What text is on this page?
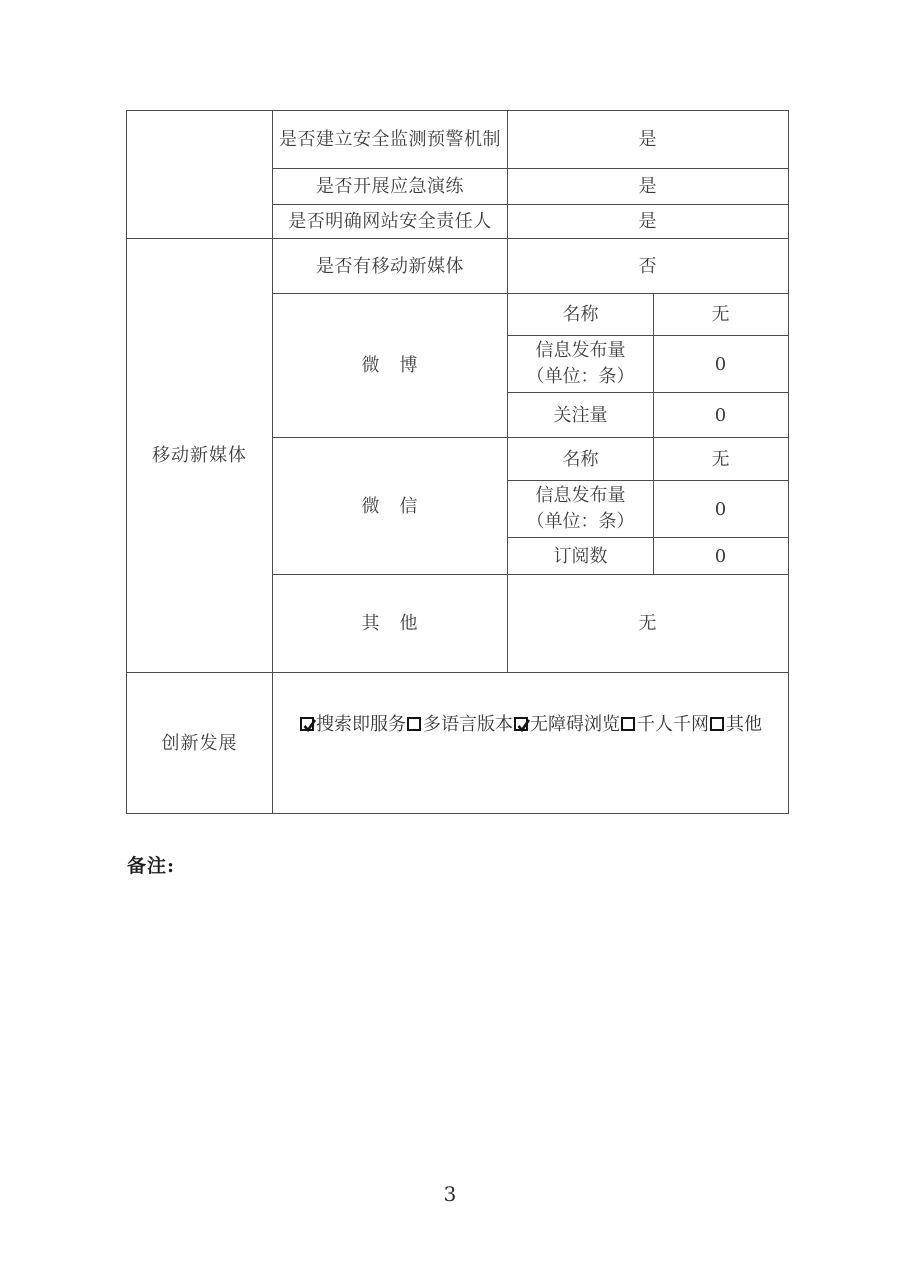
	是否建立安全监测预警机制	是	
	是否开展应急演练	是	
	是否明确网站安全责任人	是	
移动新媒体	是否有移动新媒体	否	
	微　博	名称	无

		信息发布量
（单位：条）	0
		关注量	0
	微　信	名称	无

		信息发布量
（单位：条）	0
		订阅数	0
	其　他	无	
创新发展	搜索即服务 多语言版本 无障碍浏览 千人千网 其他		
备注:
3
